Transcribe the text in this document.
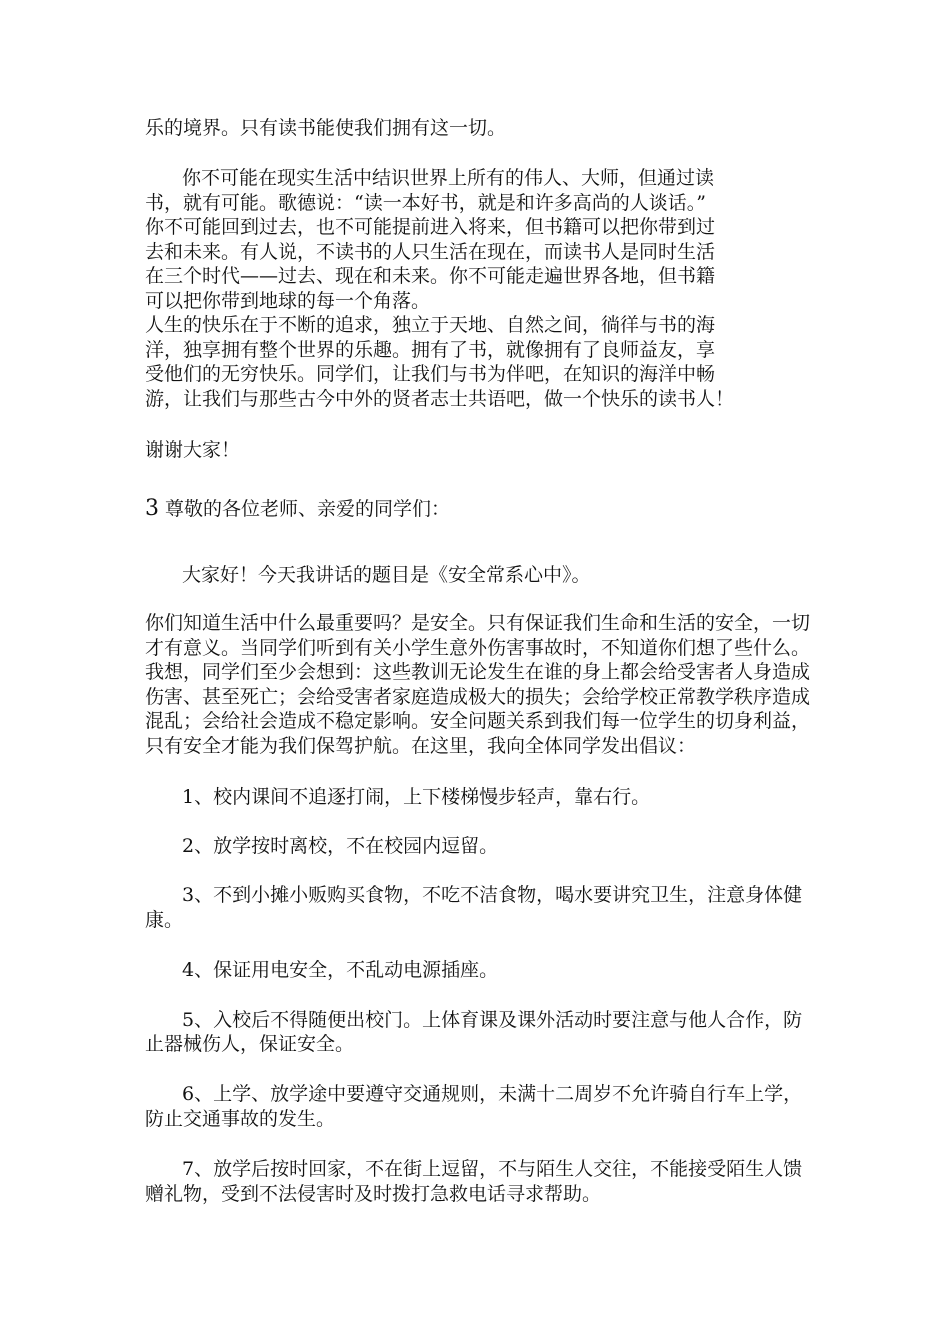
乐的境界。只有读书能使我们拥有这一切。
你不可能在现实生活中结识世界上所有的伟人、大师，但通过读
书，就有可能。歌德说：“读一本好书，就是和许多高尚的人谈话。”
你不可能回到过去，也不可能提前进入将来，但书籍可以把你带到过
去和未来。有人说，不读书的人只生活在现在，而读书人是同时生活
在三个时代——过去、现在和未来。你不可能走遍世界各地，但书籍
可以把你带到地球的每一个角落。
人生的快乐在于不断的追求，独立于天地、自然之间，徜徉与书的海
洋，独享拥有整个世界的乐趣。拥有了书，就像拥有了良师益友，享
受他们的无穷快乐。同学们，让我们与书为伴吧，在知识的海洋中畅
游，让我们与那些古今中外的贤者志士共语吧，做一个快乐的读书人！
谢谢大家！
3 尊敬的各位老师、亲爱的同学们：
大家好！今天我讲话的题目是《安全常系心中》。
你们知道生活中什么最重要吗？是安全。只有保证我们生命和生活的安全，一切
才有意义。当同学们听到有关小学生意外伤害事故时，不知道你们想了些什么。
我想，同学们至少会想到：这些教训无论发生在谁的身上都会给受害者人身造成
伤害、甚至死亡；会给受害者家庭造成极大的损失；会给学校正常教学秩序造成
混乱；会给社会造成不稳定影响。安全问题关系到我们每一位学生的切身利益，
只有安全才能为我们保驾护航。在这里，我向全体同学发出倡议：
1、校内课间不追逐打闹，上下楼梯慢步轻声，靠右行。
2、放学按时离校，不在校园内逗留。
3、不到小摊小贩购买食物，不吃不洁食物，喝水要讲究卫生，注意身体健
康。
4、保证用电安全，不乱动电源插座。
5、入校后不得随便出校门。上体育课及课外活动时要注意与他人合作，防
止器械伤人，保证安全。
6、上学、放学途中要遵守交通规则，未满十二周岁不允许骑自行车上学，
防止交通事故的发生。
7、放学后按时回家，不在街上逗留，不与陌生人交往，不能接受陌生人馈
赠礼物，受到不法侵害时及时拨打急救电话寻求帮助。
